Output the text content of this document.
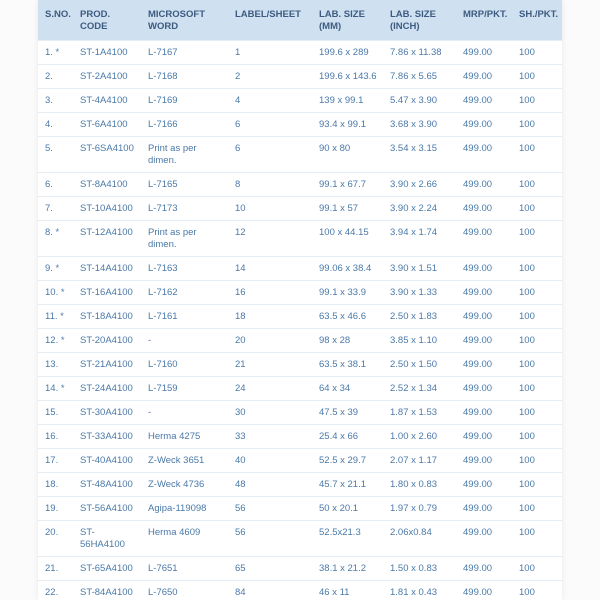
S.NO.	PROD. CODE	MICROSOFT WORD	LABEL/SHEET	LAB. SIZE (MM)	LAB. SIZE (INCH)	MRP/PKT.	SH./PKT.
1. *	ST-1A4100	L-7167	1	199.6 x 289	7.86 x 11.38	499.00	100
2.	ST-2A4100	L-7168	2	199.6 x 143.6	7.86 x 5.65	499.00	100
3.	ST-4A4100	L-7169	4	139 x 99.1	5.47 x 3.90	499.00	100
4.	ST-6A4100	L-7166	6	93.4 x 99.1	3.68 x 3.90	499.00	100
5.	ST-6SA4100	Print as per dimen.	6	90 x 80	3.54 x 3.15	499.00	100
6.	ST-8A4100	L-7165	8	99.1 x 67.7	3.90 x 2.66	499.00	100
7.	ST-10A4100	L-7173	10	99.1 x 57	3.90 x 2.24	499.00	100
8. *	ST-12A4100	Print as per dimen.	12	100 x 44.15	3.94 x 1.74	499.00	100
9. *	ST-14A4100	L-7163	14	99.06 x 38.4	3.90 x 1.51	499.00	100
10. *	ST-16A4100	L-7162	16	99.1 x 33.9	3.90 x 1.33	499.00	100
11. *	ST-18A4100	L-7161	18	63.5 x 46.6	2.50 x 1.83	499.00	100
12. *	ST-20A4100	-	20	98 x 28	3.85 x 1.10	499.00	100
13.	ST-21A4100	L-7160	21	63.5 x 38.1	2.50 x 1.50	499.00	100
14. *	ST-24A4100	L-7159	24	64 x 34	2.52 x 1.34	499.00	100
15.	ST-30A4100	-	30	47.5 x 39	1.87 x 1.53	499.00	100
16.	ST-33A4100	Herma 4275	33	25.4 x 66	1.00 x 2.60	499.00	100
17.	ST-40A4100	Z-Weck 3651	40	52.5 x 29.7	2.07 x 1.17	499.00	100
18.	ST-48A4100	Z-Weck 4736	48	45.7 x 21.1	1.80 x 0.83	499.00	100
19.	ST-56A4100	Agipa-119098	56	50 x 20.1	1.97 x 0.79	499.00	100
20.	ST-56HA4100	Herma 4609	56	52.5x21.3	2.06x0.84	499.00	100
21.	ST-65A4100	L-7651	65	38.1 x 21.2	1.50 x 0.83	499.00	100
22.	ST-84A4100	L-7650	84	46 x 11	1.81 x 0.43	499.00	100
